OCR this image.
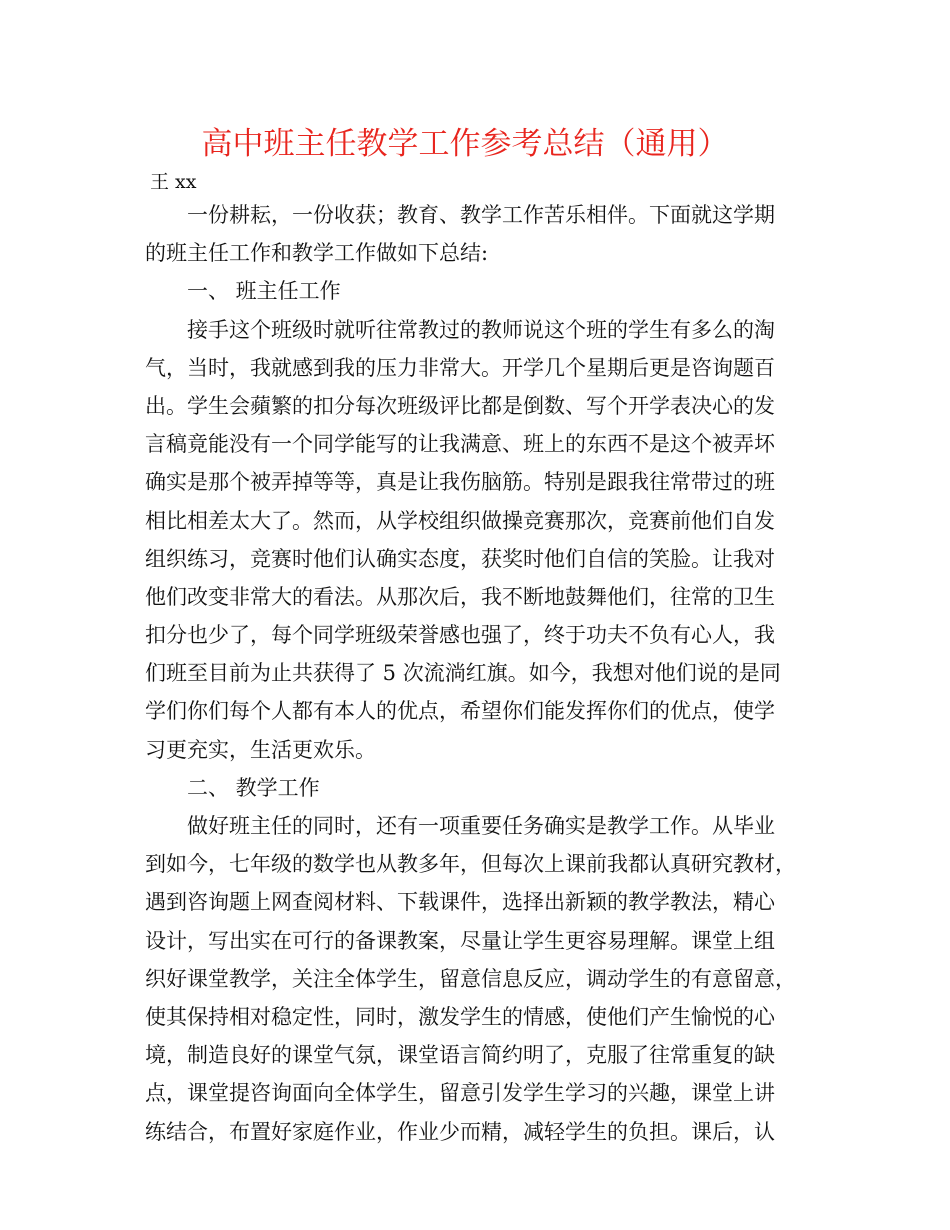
高中班主任教学工作参考总结（通用）
王 xx
一份耕耘，一份收获；教育、教学工作苦乐相伴。下面就这学期
的班主任工作和教学工作做如下总结:
一、 班主任工作
接手这个班级时就听往常教过的教师说这个班的学生有多么的淘
气，当时，我就感到我的压力非常大。开学几个星期后更是咨询题百
出。学生会蘋繁的扣分每次班级评比都是倒数、写个开学表决心的发
言稿竟能没有一个同学能写的让我满意、班上的东西不是这个被弄坏
确实是那个被弄掉等等，真是让我伤脑筋。特别是跟我往常带过的班
相比相差太大了。然而，从学校组织做操竞赛那次，竞赛前他们自发
组织练习，竞赛时他们认确实态度，获奖时他们自信的笑脸。让我对
他们改变非常大的看法。从那次后，我不断地鼓舞他们，往常的卫生
扣分也少了，每个同学班级荣誉感也强了，终于功夫不负有心人，我
们班至目前为止共获得了 5 次流淌红旗。如今，我想对他们说的是同
学们你们每个人都有本人的优点，希望你们能发挥你们的优点，使学
习更充实，生活更欢乐。
二、 教学工作
做好班主任的同时，还有一项重要任务确实是教学工作。从毕业
到如今，七年级的数学也从教多年，但每次上课前我都认真研究教材，
遇到咨询题上网查阅材料、下载课件，选择出新颖的教学教法，精心
设计，写出实在可行的备课教案，尽量让学生更容易理解。课堂上组
织好课堂教学，关注全体学生，留意信息反应，调动学生的有意留意，
使其保持相对稳定性，同时，激发学生的情感，使他们产生愉悦的心
境，制造良好的课堂气氛，课堂语言简约明了，克服了往常重复的缺
点，课堂提咨询面向全体学生，留意引发学生学习的兴趣，课堂上讲
练结合，布置好家庭作业，作业少而精，减轻学生的负担。课后，认
